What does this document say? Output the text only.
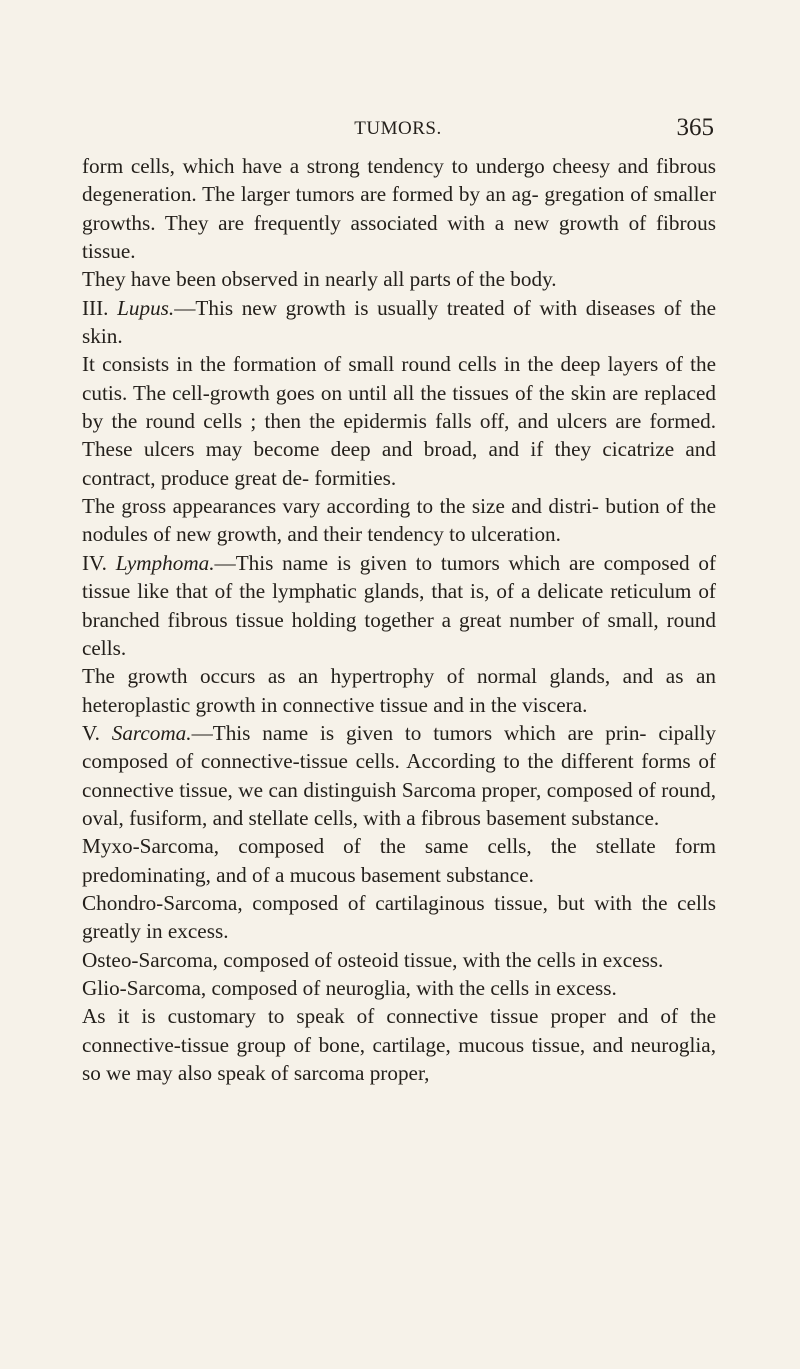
TUMORS.	365

form cells, which have a strong tendency to undergo cheesy and fibrous degeneration. The larger tumors are formed by an ag- gregation of smaller growths. They are frequently associated with a new growth of fibrous tissue.

They have been observed in nearly all parts of the body.

III. Lupus.—This new growth is usually treated of with diseases of the skin.

It consists in the formation of small round cells in the deep layers of the cutis. The cell-growth goes on until all the tissues of the skin are replaced by the round cells ; then the epidermis falls off, and ulcers are formed. These ulcers may become deep and broad, and if they cicatrize and contract, produce great de- formities.

The gross appearances vary according to the size and distri- bution of the nodules of new growth, and their tendency to ulceration.

IV. Lymphoma.—This name is given to tumors which are composed of tissue like that of the lymphatic glands, that is, of a delicate reticulum of branched fibrous tissue holding together a great number of small, round cells.

The growth occurs as an hypertrophy of normal glands, and as an heteroplastic growth in connective tissue and in the viscera.

V. Sarcoma.—This name is given to tumors which are prin- cipally composed of connective-tissue cells. According to the different forms of connective tissue, we can distinguish Sarcoma proper, composed of round, oval, fusiform, and stellate cells, with a fibrous basement substance.

Myxo-Sarcoma, composed of the same cells, the stellate form predominating, and of a mucous basement substance.

Chondro-Sarcoma, composed of cartilaginous tissue, but with the cells greatly in excess.

Osteo-Sarcoma, composed of osteoid tissue, with the cells in excess.

Glio-Sarcoma, composed of neuroglia, with the cells in excess.

As it is customary to speak of connective tissue proper and of the connective-tissue group of bone, cartilage, mucous tissue, and neuroglia, so we may also speak of sarcoma proper,
